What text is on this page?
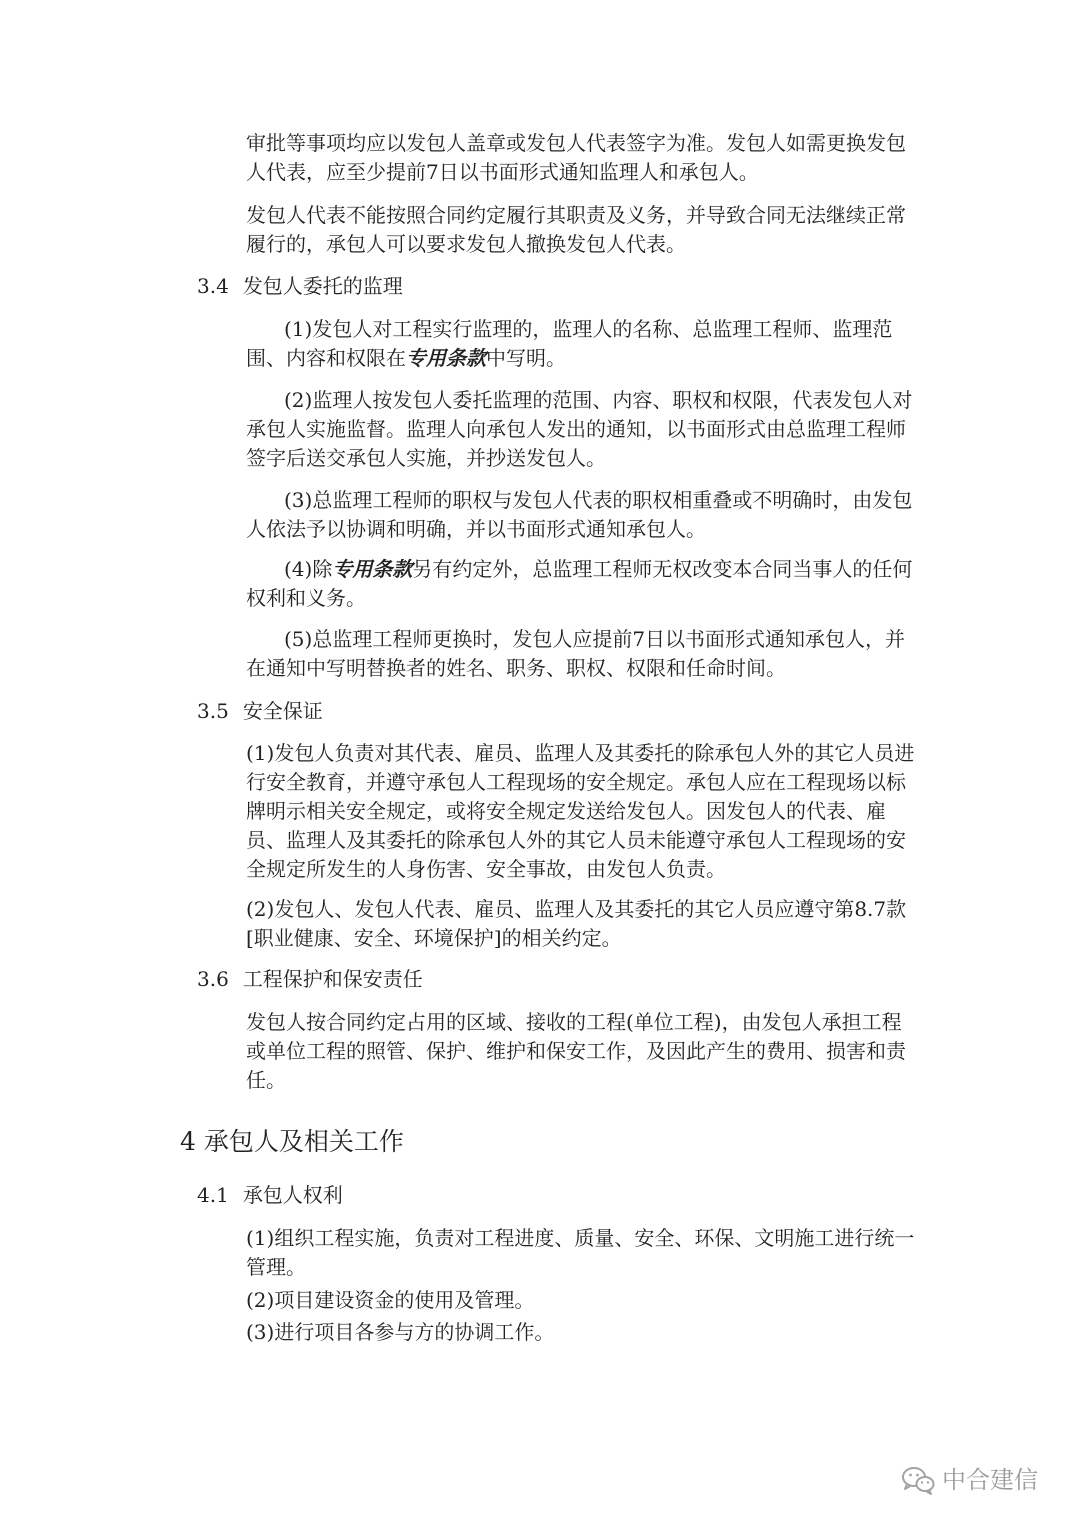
审批等事项均应以发包人盖章或发包人代表签字为准。发包人如需更换发包人代表，应至少提前7日以书面形式通知监理人和承包人。

发包人代表不能按照合同约定履行其职责及义务，并导致合同无法继续正常履行的，承包人可以要求发包人撤换发包人代表。

3.4 发包人委托的监理

(1)发包人对工程实行监理的，监理人的名称、总监理工程师、监理范围、内容和权限在专用条款中写明。

(2)监理人按发包人委托监理的范围、内容、职权和权限，代表发包人对承包人实施监督。监理人向承包人发出的通知，以书面形式由总监理工程师签字后送交承包人实施，并抄送发包人。

(3)总监理工程师的职权与发包人代表的职权相重叠或不明确时，由发包人依法予以协调和明确，并以书面形式通知承包人。

(4)除专用条款另有约定外，总监理工程师无权改变本合同当事人的任何权利和义务。

(5)总监理工程师更换时，发包人应提前7日以书面形式通知承包人，并在通知中写明替换者的姓名、职务、职权、权限和任命时间。

3.5 安全保证

(1)发包人负责对其代表、雇员、监理人及其委托的除承包人外的其它人员进行安全教育，并遵守承包人工程现场的安全规定。承包人应在工程现场以标牌明示相关安全规定，或将安全规定发送给发包人。因发包人的代表、雇员、监理人及其委托的除承包人外的其它人员未能遵守承包人工程现场的安全规定所发生的人身伤害、安全事故，由发包人负责。

(2)发包人、发包人代表、雇员、监理人及其委托的其它人员应遵守第8.7款[职业健康、安全、环境保护]的相关约定。

3.6 工程保护和保安责任

发包人按合同约定占用的区域、接收的工程(单位工程)，由发包人承担工程或单位工程的照管、保护、维护和保安工作，及因此产生的费用、损害和责任。

4 承包人及相关工作
4.1 承包人权利

(1)组织工程实施，负责对工程进度、质量、安全、环保、文明施工进行统一管理。

(2)项目建设资金的使用及管理。

(3)进行项目各参与方的协调工作。

中合建信
